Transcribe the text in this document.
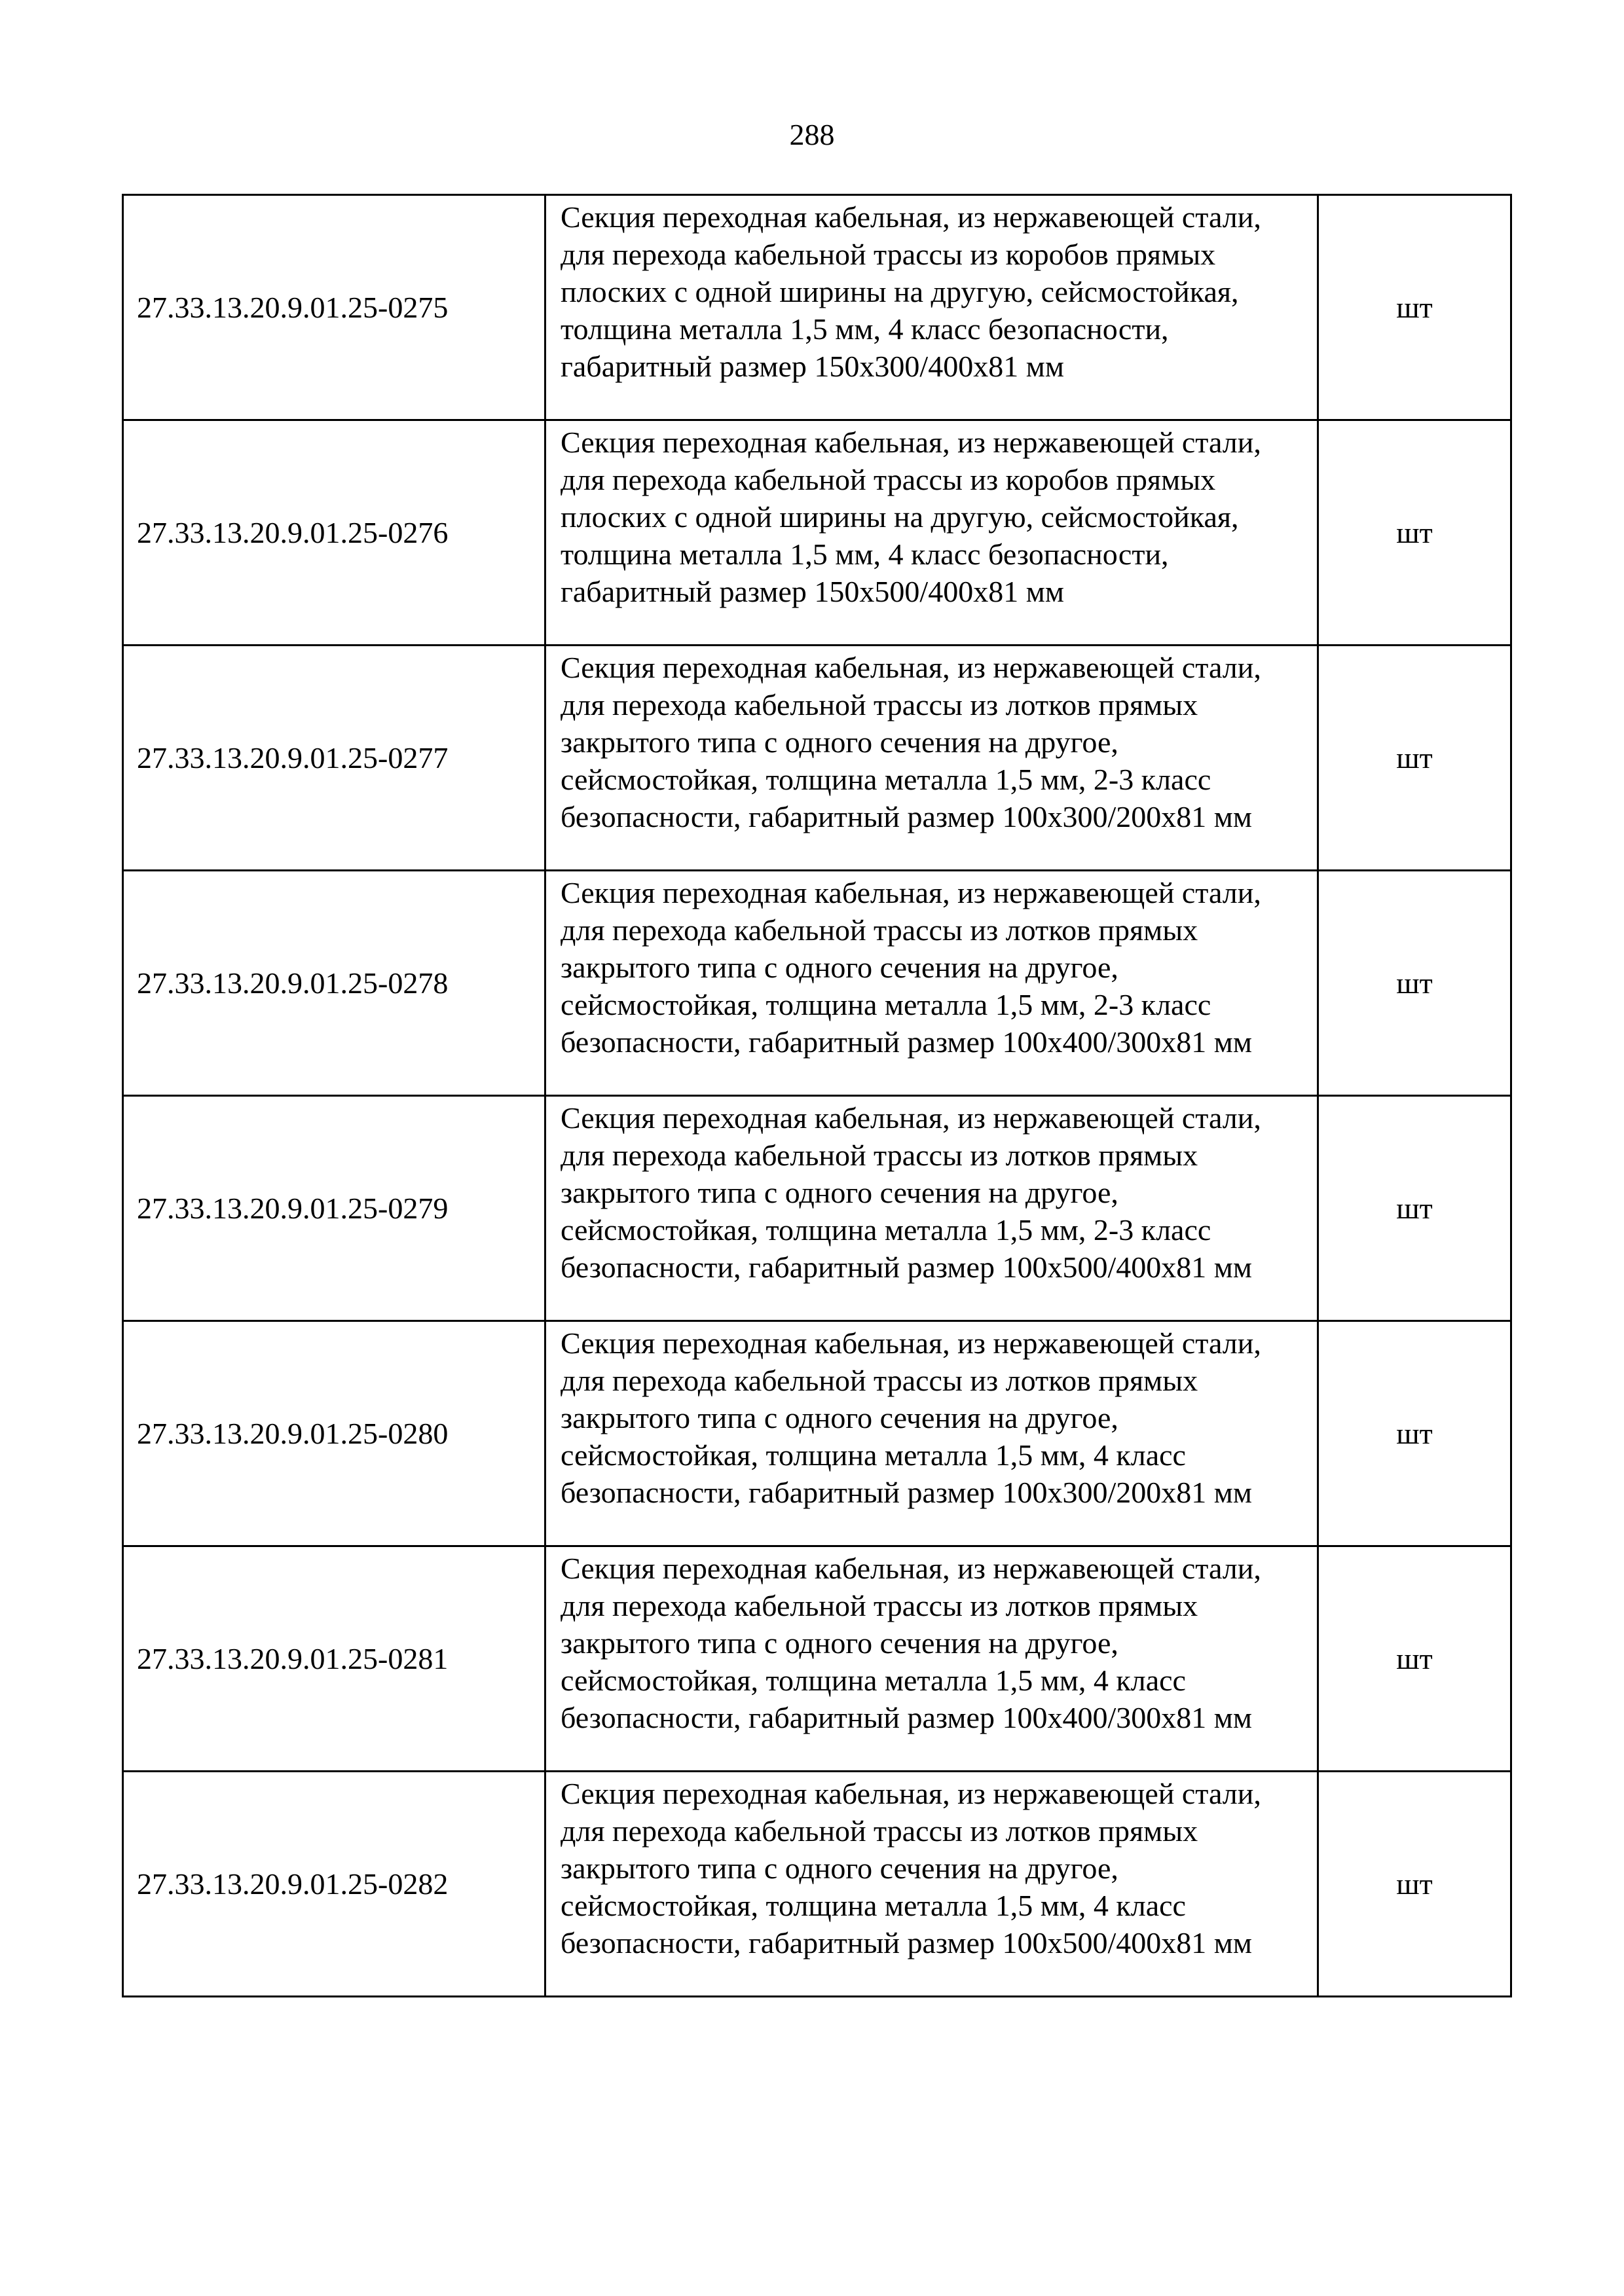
288
27.33.13.20.9.01.25-0275	Секция переходная кабельная, из нержавеющей стали, для перехода кабельной трассы из коробов прямых плоских с одной ширины на другую, сейсмостойкая, толщина металла 1,5 мм, 4 класс безопасности, габаритный размер 150x300/400x81 мм	шт
27.33.13.20.9.01.25-0276	Секция переходная кабельная, из нержавеющей стали, для перехода кабельной трассы из коробов прямых плоских с одной ширины на другую, сейсмостойкая, толщина металла 1,5 мм, 4 класс безопасности, габаритный размер 150x500/400x81 мм	шт
27.33.13.20.9.01.25-0277	Секция переходная кабельная, из нержавеющей стали, для перехода кабельной трассы из лотков прямых закрытого типа с одного сечения на другое, сейсмостойкая, толщина металла 1,5 мм, 2-3 класс безопасности, габаритный размер 100x300/200x81 мм	шт
27.33.13.20.9.01.25-0278	Секция переходная кабельная, из нержавеющей стали, для перехода кабельной трассы из лотков прямых закрытого типа с одного сечения на другое, сейсмостойкая, толщина металла 1,5 мм, 2-3 класс безопасности, габаритный размер 100x400/300x81 мм	шт
27.33.13.20.9.01.25-0279	Секция переходная кабельная, из нержавеющей стали, для перехода кабельной трассы из лотков прямых закрытого типа с одного сечения на другое, сейсмостойкая, толщина металла 1,5 мм, 2-3 класс безопасности, габаритный размер 100x500/400x81 мм	шт
27.33.13.20.9.01.25-0280	Секция переходная кабельная, из нержавеющей стали, для перехода кабельной трассы из лотков прямых закрытого типа с одного сечения на другое, сейсмостойкая, толщина металла 1,5 мм, 4 класс безопасности, габаритный размер 100x300/200x81 мм	шт
27.33.13.20.9.01.25-0281	Секция переходная кабельная, из нержавеющей стали, для перехода кабельной трассы из лотков прямых закрытого типа с одного сечения на другое, сейсмостойкая, толщина металла 1,5 мм, 4 класс безопасности, габаритный размер 100x400/300x81 мм	шт
27.33.13.20.9.01.25-0282	Секция переходная кабельная, из нержавеющей стали, для перехода кабельной трассы из лотков прямых закрытого типа с одного сечения на другое, сейсмостойкая, толщина металла 1,5 мм, 4 класс безопасности, габаритный размер 100x500/400x81 мм	шт
